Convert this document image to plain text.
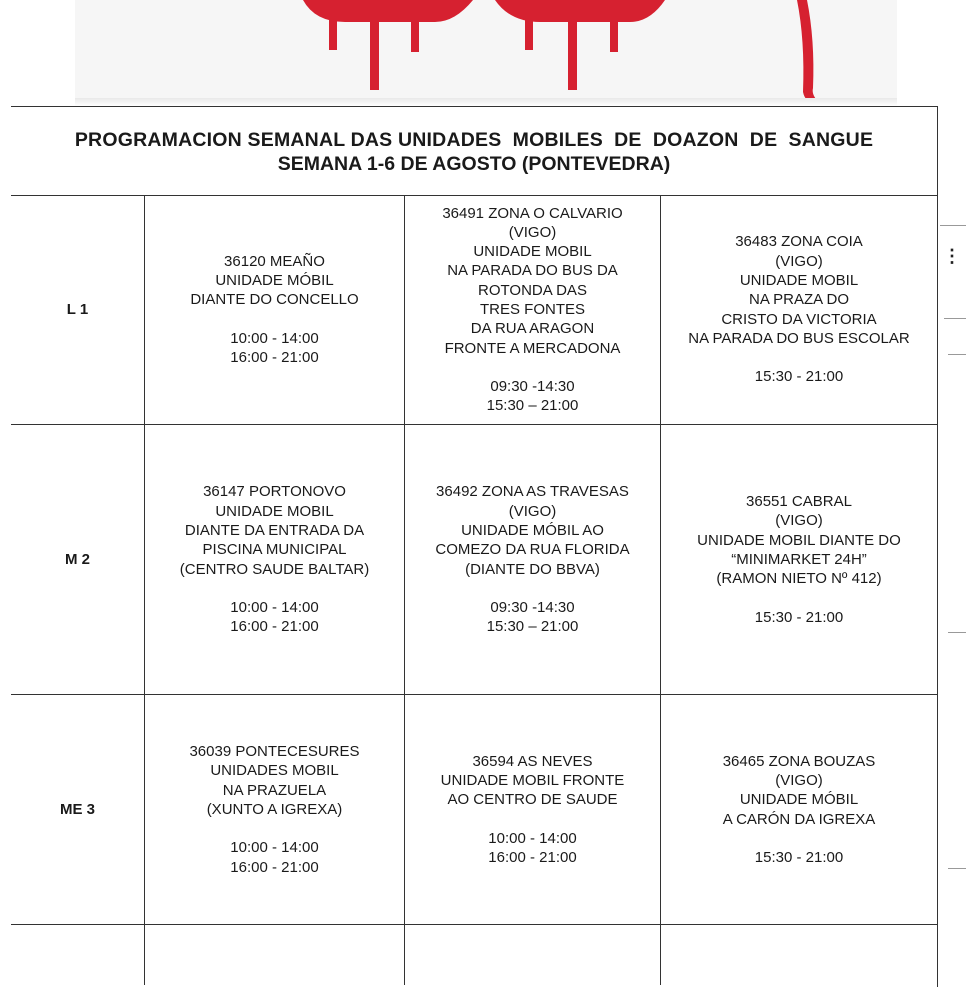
⋮
PROGRAMACION SEMANAL DAS UNIDADES  MOBILES  DE  DOAZON  DE  SANGUE
SEMANA 1-6 DE AGOSTO (PONTEVEDRA)
L 1
36120 MEAÑO
UNIDADE MÓBIL
DIANTE DO CONCELLO
10:00 - 14:00
16:00 - 21:00
36491 ZONA O CALVARIO
(VIGO)
UNIDADE MOBIL
NA PARADA DO BUS DA
ROTONDA DAS
TRES FONTES
DA RUA ARAGON
FRONTE A MERCADONA
09:30 -14:30
15:30 – 21:00
36483 ZONA COIA
(VIGO)
UNIDADE MOBIL
NA PRAZA DO
CRISTO DA VICTORIA
NA PARADA DO BUS ESCOLAR
15:30 - 21:00
M 2
36147 PORTONOVO
UNIDADE MOBIL
DIANTE DA ENTRADA DA
PISCINA MUNICIPAL
(CENTRO SAUDE BALTAR)
10:00 - 14:00
16:00 - 21:00
36492 ZONA AS TRAVESAS
(VIGO)
UNIDADE MÓBIL AO
COMEZO DA RUA FLORIDA
(DIANTE DO BBVA)
09:30 -14:30
15:30 – 21:00
36551 CABRAL
(VIGO)
UNIDADE MOBIL DIANTE DO
“MINIMARKET 24H”
(RAMON NIETO Nº 412)
15:30 - 21:00
ME 3
36039 PONTECESURES
UNIDADES MOBIL
NA PRAZUELA
(XUNTO A IGREXA)
10:00 - 14:00
16:00 - 21:00
36594 AS NEVES
UNIDADE MOBIL FRONTE
AO CENTRO DE SAUDE
10:00 - 14:00
16:00 - 21:00
36465 ZONA BOUZAS
(VIGO)
UNIDADE MÓBIL
A CARÓN DA IGREXA
15:30 - 21:00
